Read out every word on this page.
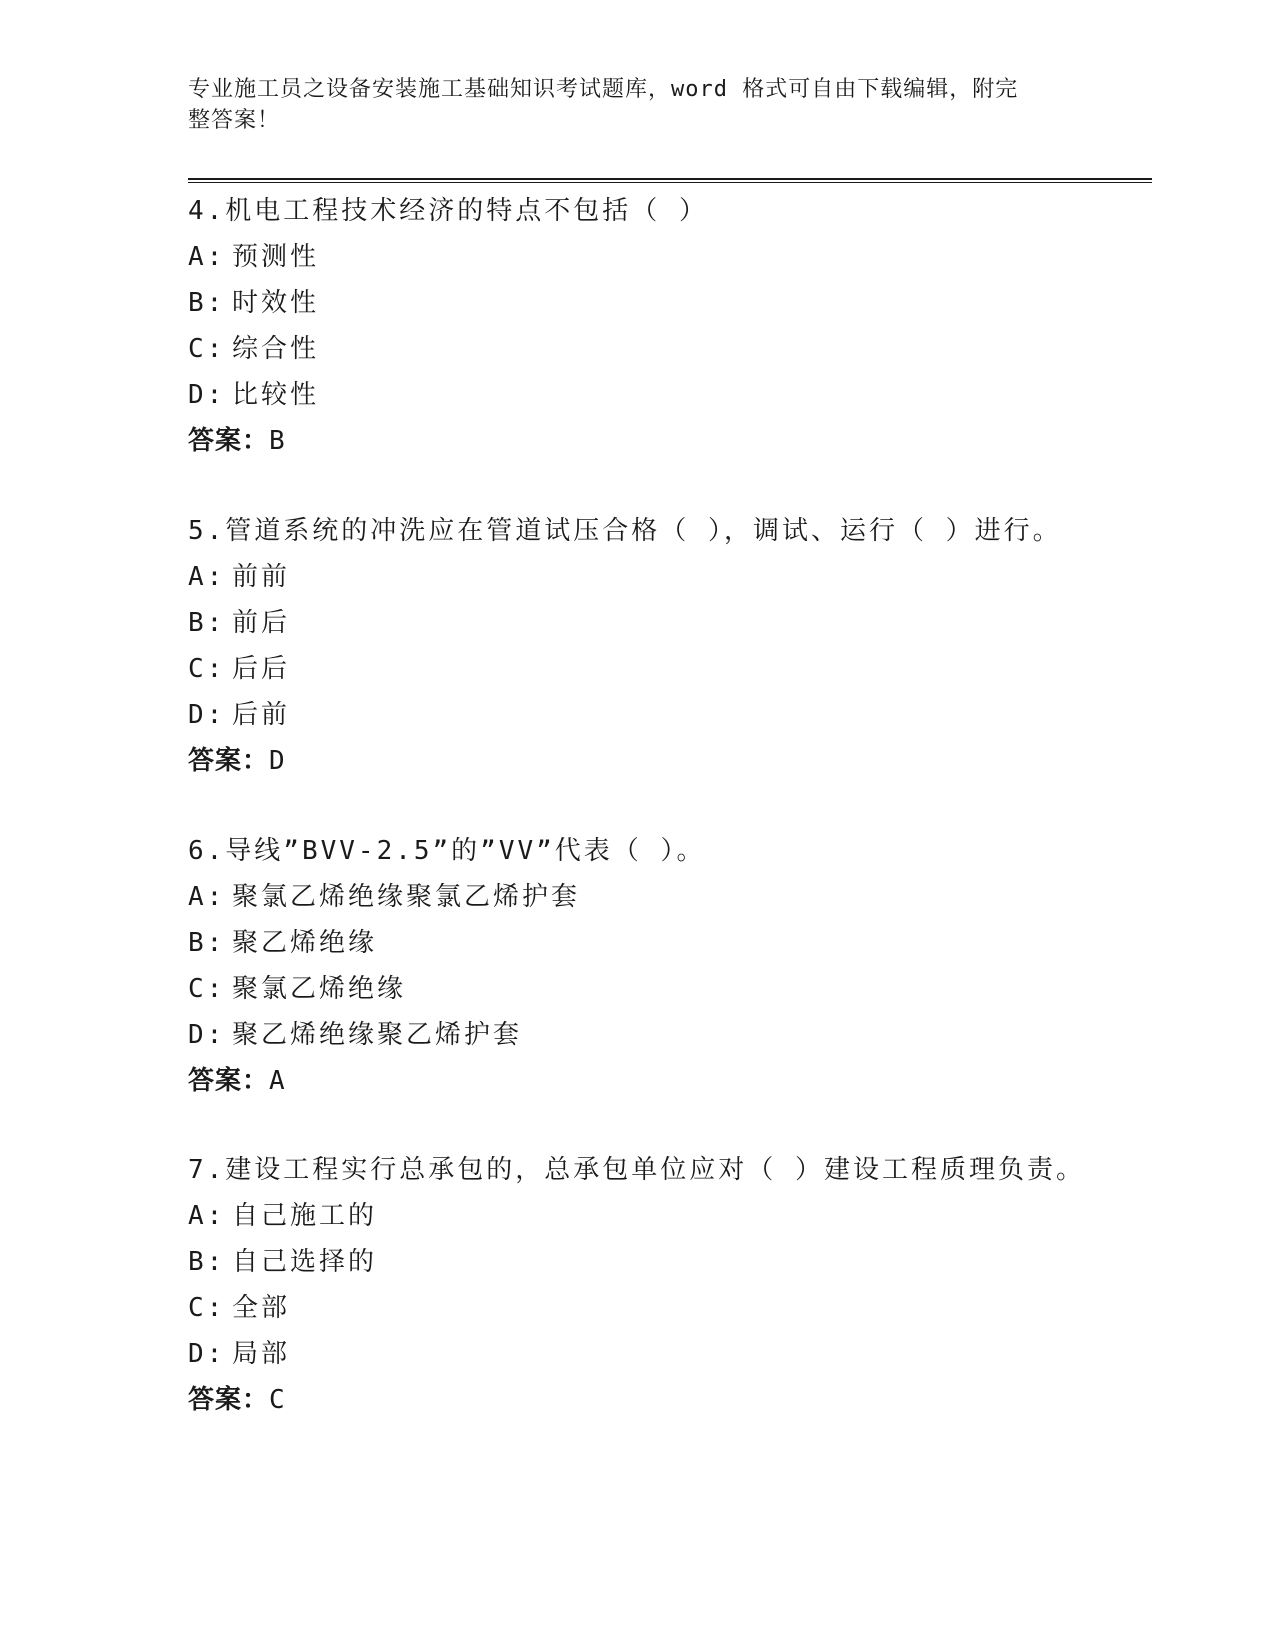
专业施工员之设备安装施工基础知识考试题库，word 格式可自由下载编辑，附完
整答案！
4.机电工程技术经济的特点不包括（ ）
A: 预测性
B: 时效性
C: 综合性
D: 比较性
答案：B
5.管道系统的冲洗应在管道试压合格（ ），调试、运行（ ）进行。
A: 前前
B: 前后
C: 后后
D: 后前
答案：D
6.导线”BVV-2.5”的”VV”代表（ ）。
A: 聚氯乙烯绝缘聚氯乙烯护套
B: 聚乙烯绝缘
C: 聚氯乙烯绝缘
D: 聚乙烯绝缘聚乙烯护套
答案：A
7.建设工程实行总承包的，总承包单位应对（ ）建设工程质理负责。
A: 自己施工的
B: 自己选择的
C: 全部
D: 局部
答案：C
